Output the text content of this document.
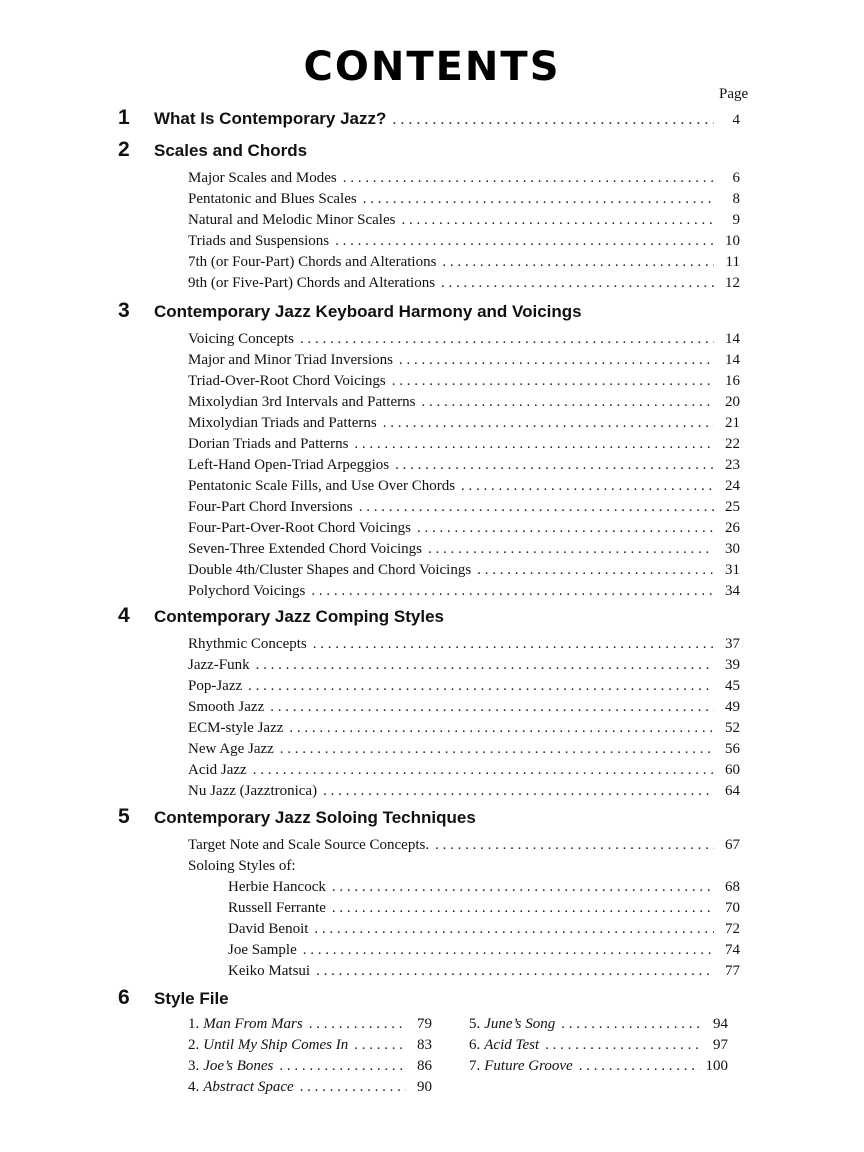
CONTENTS
Page
1 What Is Contemporary Jazz? . . .	4
2 Scales and Chords
Major Scales and Modes . . .	6
Pentatonic and Blues Scales . . .	8
Natural and Melodic Minor Scales . . .	9
Triads and Suspensions . . .	10
7th (or Four-Part) Chords and Alterations . . .	11
9th (or Five-Part) Chords and Alterations . . .	12
3 Contemporary Jazz Keyboard Harmony and Voicings
Voicing Concepts . . .	14
Major and Minor Triad Inversions . . .	14
Triad-Over-Root Chord Voicings . . .	16
Mixolydian 3rd Intervals and Patterns . . .	20
Mixolydian Triads and Patterns . . .	21
Dorian Triads and Patterns . . .	22
Left-Hand Open-Triad Arpeggios . . .	23
Pentatonic Scale Fills, and Use Over Chords . . .	24
Four-Part Chord Inversions . . .	25
Four-Part-Over-Root Chord Voicings . . .	26
Seven-Three Extended Chord Voicings . . .	30
Double 4th/Cluster Shapes and Chord Voicings . . .	31
Polychord Voicings . . .	34
4 Contemporary Jazz Comping Styles
Rhythmic Concepts . . .	37
Jazz-Funk . . .	39
Pop-Jazz . . .	45
Smooth Jazz . . .	49
ECM-style Jazz . . .	52
New Age Jazz . . .	56
Acid Jazz . . .	60
Nu Jazz (Jazztronica) . . .	64
5 Contemporary Jazz Soloing Techniques
Target Note and Scale Source Concepts. . . .	67
Soloing Styles of:
Herbie Hancock . . .	68
Russell Ferrante . . .	70
David Benoit . . .	72
Joe Sample . . .	74
Keiko Matsui . . .	77
6 Style File
1. Man From Mars . . .	79
2. Until My Ship Comes In . . .	83
3. Joe’s Bones . . .	86
4. Abstract Space . . .	90
5. June’s Song . . .	94
6. Acid Test . . .	97
7. Future Groove . . .	100
